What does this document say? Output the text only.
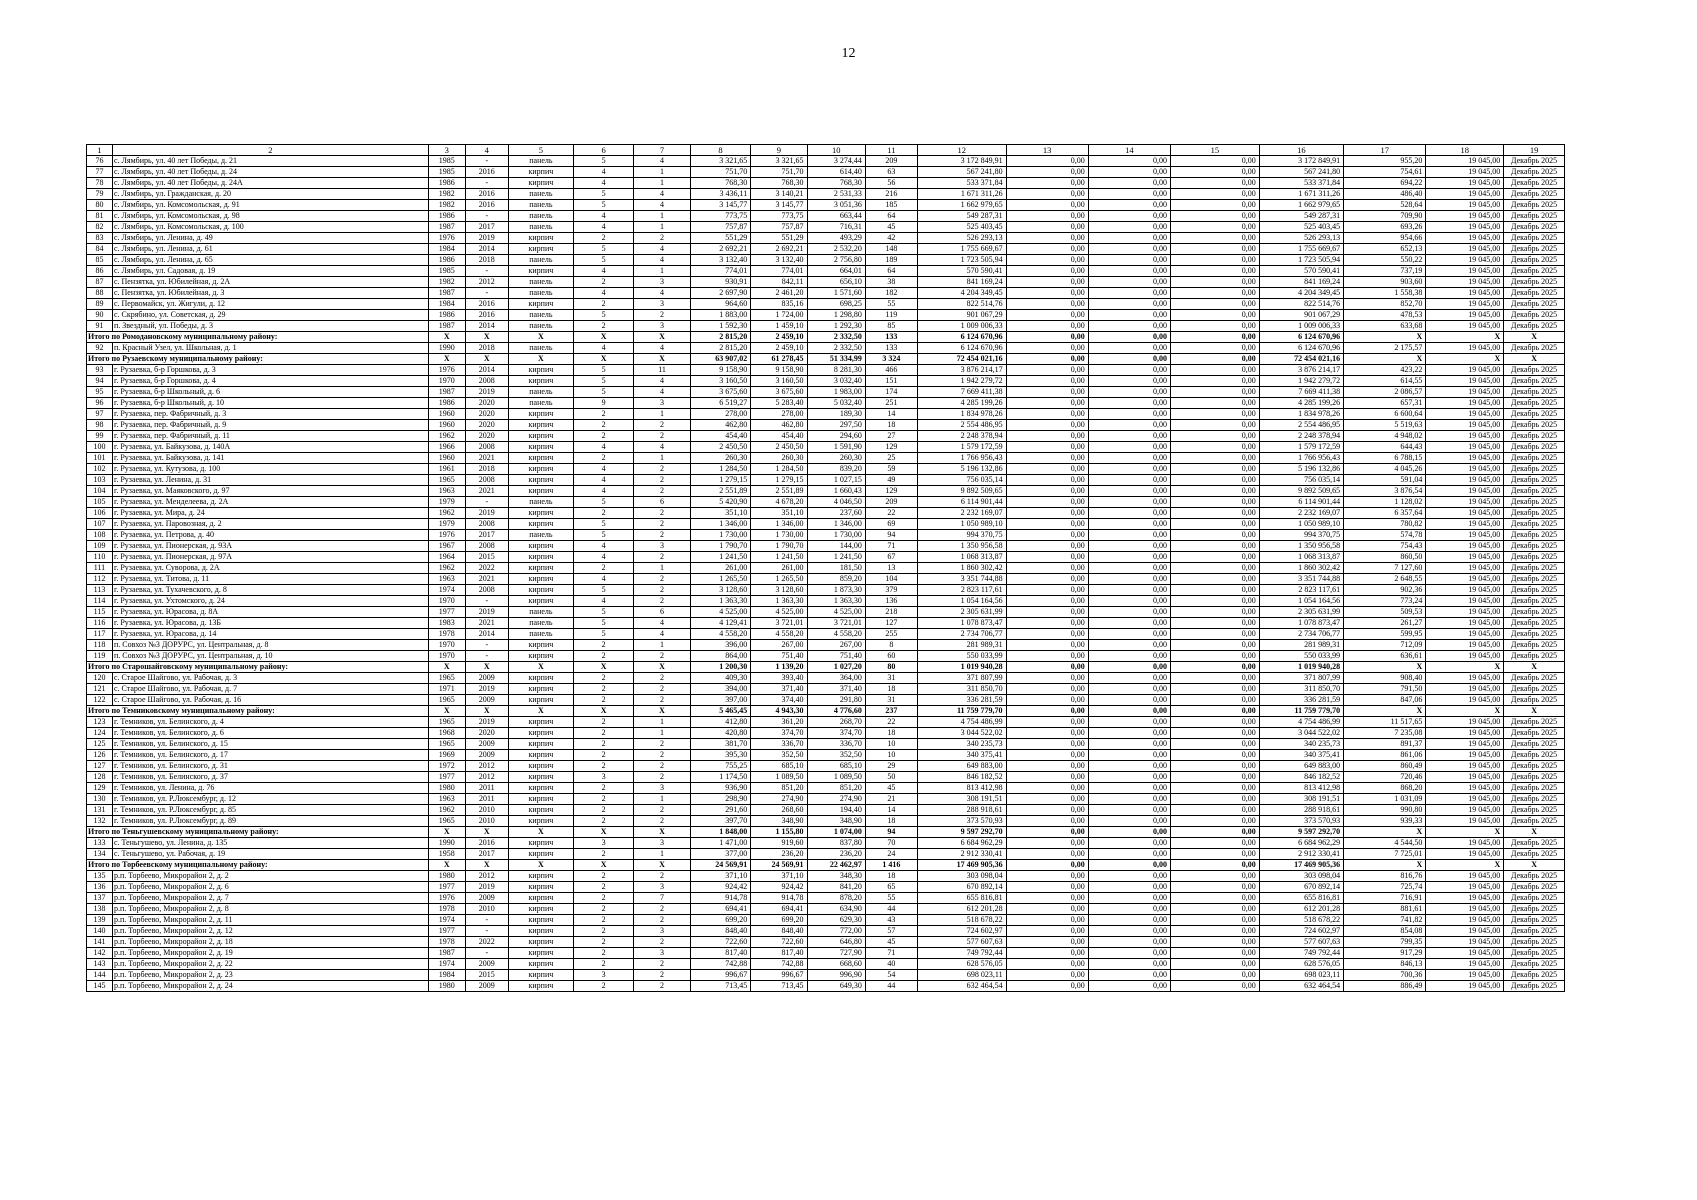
12
1	2	3	4	5	6	7	8	9	10	11	12	13	14	15	16	17	18	19
76	с. Лямбирь, ул. 40 лет Победы, д. 21	1985	-	панель	5	4	3 321,65	3 321,65	3 274,44	209	3 172 849,91	0,00	0,00	0,00	3 172 849,91	955,20	19 045,00	Декабрь 2025
77	с. Лямбирь, ул. 40 лет Победы, д. 24	1985	2016	кирпич	4	1	751,70	751,70	614,40	63	567 241,80	0,00	0,00	0,00	567 241,80	754,61	19 045,00	Декабрь 2025
78	с. Лямбирь, ул. 40 лет Победы, д. 24А	1986	-	кирпич	4	1	768,30	768,30	768,30	56	533 371,84	0,00	0,00	0,00	533 371,84	694,22	19 045,00	Декабрь 2025
79	с. Лямбирь, ул. Гражданская, д. 20	1982	2016	панель	5	4	3 436,11	3 140,21	2 531,33	216	1 671 311,26	0,00	0,00	0,00	1 671 311,26	486,40	19 045,00	Декабрь 2025
80	с. Лямбирь, ул. Комсомольская, д. 91	1982	2016	панель	5	4	3 145,77	3 145,77	3 051,36	185	1 662 979,65	0,00	0,00	0,00	1 662 979,65	528,64	19 045,00	Декабрь 2025
81	с. Лямбирь, ул. Комсомольская, д. 98	1986	-	панель	4	1	773,75	773,75	663,44	64	549 287,31	0,00	0,00	0,00	549 287,31	709,90	19 045,00	Декабрь 2025
82	с. Лямбирь, ул. Комсомольская, д. 100	1987	2017	панель	4	1	757,87	757,87	716,31	45	525 403,45	0,00	0,00	0,00	525 403,45	693,26	19 045,00	Декабрь 2025
83	с. Лямбирь, ул. Ленина, д. 49	1976	2019	кирпич	2	2	551,29	551,29	493,29	42	526 293,13	0,00	0,00	0,00	526 293,13	954,66	19 045,00	Декабрь 2025
84	с. Лямбирь, ул. Ленина, д. 61	1984	2014	кирпич	5	4	2 692,21	2 692,21	2 532,20	148	1 755 669,67	0,00	0,00	0,00	1 755 669,67	652,13	19 045,00	Декабрь 2025
85	с. Лямбирь, ул. Ленина, д. 65	1986	2018	панель	5	4	3 132,40	3 132,40	2 756,80	189	1 723 505,94	0,00	0,00	0,00	1 723 505,94	550,22	19 045,00	Декабрь 2025
86	с. Лямбирь, ул. Садовая, д. 19	1985	-	кирпич	4	1	774,01	774,01	664,01	64	570 590,41	0,00	0,00	0,00	570 590,41	737,19	19 045,00	Декабрь 2025
87	с. Пензятка, ул. Юбилейная, д. 2А	1982	2012	панель	2	3	930,91	842,11	656,10	38	841 169,24	0,00	0,00	0,00	841 169,24	903,60	19 045,00	Декабрь 2025
88	с. Пензятка, ул. Юбилейная, д. 3	1987	-	панель	4	4	2 697,90	2 461,20	1 571,60	182	4 204 349,45	0,00	0,00	0,00	4 204 349,45	1 558,38	19 045,00	Декабрь 2025
89	с. Первомайск, ул. Жигули, д. 12	1984	2016	кирпич	2	3	964,60	835,16	698,25	55	822 514,76	0,00	0,00	0,00	822 514,76	852,70	19 045,00	Декабрь 2025
90	с. Скрябино, ул. Советская, д. 29	1986	2016	панель	5	2	1 883,00	1 724,00	1 298,80	119	901 067,29	0,00	0,00	0,00	901 067,29	478,53	19 045,00	Декабрь 2025
91	п. Звездный, ул. Победы, д. 3	1987	2014	панель	2	3	1 592,30	1 459,10	1 292,30	85	1 009 006,33	0,00	0,00	0,00	1 009 006,33	633,68	19 045,00	Декабрь 2025
Итого по Ромодановскому муниципальному району:		X	X	X	X	X	2 815,20	2 459,10	2 332,50	133	6 124 670,96	0,00	0,00	0,00	6 124 670,96	X	X	X
92	п. Красный Узел, ул. Школьная, д. 1	1990	2018	панель	4	4	2 815,20	2 459,10	2 332,50	133	6 124 670,96	0,00	0,00	0,00	6 124 670,96	2 175,57	19 045,00	Декабрь 2025
Итого по Рузаевскому муниципальному району:		X	X	X	X	X	63 907,02	61 278,45	51 334,99	3 324	72 454 021,16	0,00	0,00	0,00	72 454 021,16	X	X	X
93	г. Рузаевка, б-р Горшкова, д. 3	1976	2014	кирпич	5	11	9 158,90	9 158,90	8 281,30	466	3 876 214,17	0,00	0,00	0,00	3 876 214,17	423,22	19 045,00	Декабрь 2025
94	г. Рузаевка, б-р Горшкова, д. 4	1970	2008	кирпич	5	4	3 160,50	3 160,50	3 032,40	151	1 942 279,72	0,00	0,00	0,00	1 942 279,72	614,55	19 045,00	Декабрь 2025
95	г. Рузаевка, б-р Школьный, д. 6	1987	2019	панель	5	4	3 675,60	3 675,60	1 983,00	174	7 669 411,38	0,00	0,00	0,00	7 669 411,38	2 086,57	19 045,00	Декабрь 2025
96	г. Рузаевка, б-р Школьный, д. 10	1986	2020	панель	9	3	6 519,27	5 283,40	5 032,40	251	4 285 199,26	0,00	0,00	0,00	4 285 199,26	657,31	19 045,00	Декабрь 2025
97	г. Рузаевка, пер. Фабричный, д. 3	1960	2020	кирпич	2	1	278,00	278,00	189,30	14	1 834 978,26	0,00	0,00	0,00	1 834 978,26	6 600,64	19 045,00	Декабрь 2025
98	г. Рузаевка, пер. Фабричный, д. 9	1960	2020	кирпич	2	2	462,80	462,80	297,50	18	2 554 486,95	0,00	0,00	0,00	2 554 486,95	5 519,63	19 045,00	Декабрь 2025
99	г. Рузаевка, пер. Фабричный, д. 11	1962	2020	кирпич	2	2	454,40	454,40	294,60	27	2 248 378,94	0,00	0,00	0,00	2 248 378,94	4 948,02	19 045,00	Декабрь 2025
100	г. Рузаевка, ул. Байкузова, д. 140А	1966	2008	кирпич	4	4	2 450,50	2 450,50	1 591,90	129	1 579 172,59	0,00	0,00	0,00	1 579 172,59	644,43	19 045,00	Декабрь 2025
101	г. Рузаевка, ул. Байкузова, д. 141	1960	2021	кирпич	2	1	260,30	260,30	260,30	25	1 766 956,43	0,00	0,00	0,00	1 766 956,43	6 788,15	19 045,00	Декабрь 2025
102	г. Рузаевка, ул. Кутузова, д. 100	1961	2018	кирпич	4	2	1 284,50	1 284,50	839,20	59	5 196 132,86	0,00	0,00	0,00	5 196 132,86	4 045,26	19 045,00	Декабрь 2025
103	г. Рузаевка, ул. Ленина, д. 31	1965	2008	кирпич	4	2	1 279,15	1 279,15	1 027,15	49	756 035,14	0,00	0,00	0,00	756 035,14	591,04	19 045,00	Декабрь 2025
104	г. Рузаевка, ул. Маяковского, д. 97	1963	2021	кирпич	4	2	2 551,89	2 551,89	1 660,43	129	9 892 509,65	0,00	0,00	0,00	9 892 509,65	3 876,54	19 045,00	Декабрь 2025
105	г. Рузаевка, ул. Менделеева, д. 2А	1979	-	панель	5	6	5 420,90	4 678,20	4 046,50	209	6 114 901,44	0,00	0,00	0,00	6 114 901,44	1 128,02	19 045,00	Декабрь 2025
106	г. Рузаевка, ул. Мира, д. 24	1962	2019	кирпич	2	2	351,10	351,10	237,60	22	2 232 169,07	0,00	0,00	0,00	2 232 169,07	6 357,64	19 045,00	Декабрь 2025
107	г. Рузаевка, ул. Паровозная, д. 2	1979	2008	кирпич	5	2	1 346,00	1 346,00	1 346,00	69	1 050 989,10	0,00	0,00	0,00	1 050 989,10	780,82	19 045,00	Декабрь 2025
108	г. Рузаевка, ул. Петрова, д. 40	1976	2017	панель	5	2	1 730,00	1 730,00	1 730,00	94	994 370,75	0,00	0,00	0,00	994 370,75	574,78	19 045,00	Декабрь 2025
109	г. Рузаевка, ул. Пионерская, д. 93А	1967	2008	кирпич	4	3	1 790,70	1 790,70	144,00	71	1 350 956,58	0,00	0,00	0,00	1 350 956,58	754,43	19 045,00	Декабрь 2025
110	г. Рузаевка, ул. Пионерская, д. 97А	1964	2015	кирпич	4	2	1 241,50	1 241,50	1 241,50	67	1 068 313,87	0,00	0,00	0,00	1 068 313,87	860,50	19 045,00	Декабрь 2025
111	г. Рузаевка, ул. Суворова, д. 2А	1962	2022	кирпич	2	1	261,00	261,00	181,50	13	1 860 302,42	0,00	0,00	0,00	1 860 302,42	7 127,60	19 045,00	Декабрь 2025
112	г. Рузаевка, ул. Титова, д. 11	1963	2021	кирпич	4	2	1 265,50	1 265,50	859,20	104	3 351 744,88	0,00	0,00	0,00	3 351 744,88	2 648,55	19 045,00	Декабрь 2025
113	г. Рузаевка, ул. Тухачевского, д. 8	1974	2008	кирпич	5	2	3 128,60	3 128,60	1 873,30	379	2 823 117,61	0,00	0,00	0,00	2 823 117,61	902,36	19 045,00	Декабрь 2025
114	г. Рузаевка, ул. Ухтомского, д. 24	1970	-	кирпич	4	2	1 363,30	1 363,30	1 363,30	136	1 054 164,56	0,00	0,00	0,00	1 054 164,56	773,24	19 045,00	Декабрь 2025
115	г. Рузаевка, ул. Юрасова, д. 8А	1977	2019	панель	5	6	4 525,00	4 525,00	4 525,00	218	2 305 631,99	0,00	0,00	0,00	2 305 631,99	509,53	19 045,00	Декабрь 2025
116	г. Рузаевка, ул. Юрасова, д. 13Б	1983	2021	панель	5	4	4 129,41	3 721,01	3 721,01	127	1 078 873,47	0,00	0,00	0,00	1 078 873,47	261,27	19 045,00	Декабрь 2025
117	г. Рузаевка, ул. Юрасова, д. 14	1978	2014	панель	5	4	4 558,20	4 558,20	4 558,20	255	2 734 706,77	0,00	0,00	0,00	2 734 706,77	599,95	19 045,00	Декабрь 2025
118	п. Совхоз №3 ДОРУРС, ул. Центральная, д. 8	1970	-	кирпич	2	1	396,00	267,00	267,00	8	281 989,31	0,00	0,00	0,00	281 989,31	712,09	19 045,00	Декабрь 2025
119	п. Совхоз №3 ДОРУРС, ул. Центральная, д. 10	1970	-	кирпич	2	2	864,00	751,40	751,40	60	550 033,99	0,00	0,00	0,00	550 033,99	636,61	19 045,00	Декабрь 2025
Итого по Старошайговскому муниципальному району:		X	X	X	X	X	1 200,30	1 139,20	1 027,20	80	1 019 940,28	0,00	0,00	0,00	1 019 940,28	X	X	X
120	с. Старое Шайгово, ул. Рабочая, д. 3	1965	2009	кирпич	2	2	409,30	393,40	364,00	31	371 807,99	0,00	0,00	0,00	371 807,99	908,40	19 045,00	Декабрь 2025
121	с. Старое Шайгово, ул. Рабочая, д. 7	1971	2019	кирпич	2	2	394,00	371,40	371,40	18	311 850,70	0,00	0,00	0,00	311 850,70	791,50	19 045,00	Декабрь 2025
122	с. Старое Шайгово, ул. Рабочая, д. 16	1965	2009	кирпич	2	2	397,00	374,40	291,80	31	336 281,59	0,00	0,00	0,00	336 281,59	847,06	19 045,00	Декабрь 2025
Итого по Темниковскому муниципальному району:		X	X	X	X	X	5 465,45	4 943,30	4 776,60	237	11 759 779,70	0,00	0,00	0,00	11 759 779,70	X	X	X
123	г. Темников, ул. Белинского, д. 4	1965	2019	кирпич	2	1	412,80	361,20	268,70	22	4 754 486,99	0,00	0,00	0,00	4 754 486,99	11 517,65	19 045,00	Декабрь 2025
124	г. Темников, ул. Белинского, д. 6	1968	2020	кирпич	2	1	420,80	374,70	374,70	18	3 044 522,02	0,00	0,00	0,00	3 044 522,02	7 235,08	19 045,00	Декабрь 2025
125	г. Темников, ул. Белинского, д. 15	1965	2009	кирпич	2	2	381,70	336,70	336,70	10	340 235,73	0,00	0,00	0,00	340 235,73	891,37	19 045,00	Декабрь 2025
126	г. Темников, ул. Белинского, д. 17	1969	2009	кирпич	2	2	395,30	352,50	352,50	10	340 375,41	0,00	0,00	0,00	340 375,41	861,06	19 045,00	Декабрь 2025
127	г. Темников, ул. Белинского, д. 31	1972	2012	кирпич	2	2	755,25	685,10	685,10	29	649 883,00	0,00	0,00	0,00	649 883,00	860,49	19 045,00	Декабрь 2025
128	г. Темников, ул. Белинского, д. 37	1977	2012	кирпич	3	2	1 174,50	1 089,50	1 089,50	50	846 182,52	0,00	0,00	0,00	846 182,52	720,46	19 045,00	Декабрь 2025
129	г. Темников, ул. Ленина, д. 76	1980	2011	кирпич	2	3	936,90	851,20	851,20	45	813 412,98	0,00	0,00	0,00	813 412,98	868,20	19 045,00	Декабрь 2025
130	г. Темников, ул. Р.Люксембург, д. 12	1963	2011	кирпич	2	1	298,90	274,90	274,90	21	308 191,51	0,00	0,00	0,00	308 191,51	1 031,09	19 045,00	Декабрь 2025
131	г. Темников, ул. Р.Люксембург, д. 85	1962	2010	кирпич	2	2	291,60	268,60	194,40	14	288 918,61	0,00	0,00	0,00	288 918,61	990,80	19 045,00	Декабрь 2025
132	г. Темников, ул. Р.Люксембург, д. 89	1965	2010	кирпич	2	2	397,70	348,90	348,90	18	373 570,93	0,00	0,00	0,00	373 570,93	939,33	19 045,00	Декабрь 2025
Итого по Теньгушевскому муниципальному району:		X	X	X	X	X	1 848,00	1 155,80	1 074,00	94	9 597 292,70	0,00	0,00	0,00	9 597 292,70	X	X	X
133	с. Теньгушево, ул. Ленина, д. 135	1990	2016	кирпич	3	3	1 471,00	919,60	837,80	70	6 684 962,29	0,00	0,00	0,00	6 684 962,29	4 544,50	19 045,00	Декабрь 2025
134	с. Теньгушево, ул. Рабочая, д. 19	1958	2017	кирпич	2	1	377,00	236,20	236,20	24	2 912 330,41	0,00	0,00	0,00	2 912 330,41	7 725,01	19 045,00	Декабрь 2025
Итого по Торбеевскому муниципальному району:		X	X	X	X	X	24 569,91	24 569,91	22 462,97	1 416	17 469 905,36	0,00	0,00	0,00	17 469 905,36	X	X	X
135	р.п. Торбеево, Микрорайон 2, д. 2	1980	2012	кирпич	2	2	371,10	371,10	348,30	18	303 098,04	0,00	0,00	0,00	303 098,04	816,76	19 045,00	Декабрь 2025
136	р.п. Торбеево, Микрорайон 2, д. 6	1977	2019	кирпич	2	3	924,42	924,42	841,20	65	670 892,14	0,00	0,00	0,00	670 892,14	725,74	19 045,00	Декабрь 2025
137	р.п. Торбеево, Микрорайон 2, д. 7	1976	2009	кирпич	2	7	914,78	914,78	878,20	55	655 816,81	0,00	0,00	0,00	655 816,81	716,91	19 045,00	Декабрь 2025
138	р.п. Торбеево, Микрорайон 2, д. 8	1978	2010	кирпич	2	2	694,41	694,41	634,90	44	612 201,28	0,00	0,00	0,00	612 201,28	881,61	19 045,00	Декабрь 2025
139	р.п. Торбеево, Микрорайон 2, д. 11	1974	-	кирпич	2	2	699,20	699,20	629,30	43	518 678,22	0,00	0,00	0,00	518 678,22	741,82	19 045,00	Декабрь 2025
140	р.п. Торбеево, Микрорайон 2, д. 12	1977	-	кирпич	2	3	848,40	848,40	772,00	57	724 602,97	0,00	0,00	0,00	724 602,97	854,08	19 045,00	Декабрь 2025
141	р.п. Торбеево, Микрорайон 2, д. 18	1978	2022	кирпич	2	2	722,60	722,60	646,80	45	577 607,63	0,00	0,00	0,00	577 607,63	799,35	19 045,00	Декабрь 2025
142	р.п. Торбеево, Микрорайон 2, д. 19	1987	-	кирпич	2	3	817,40	817,40	727,90	71	749 792,44	0,00	0,00	0,00	749 792,44	917,29	19 045,00	Декабрь 2025
143	р.п. Торбеево, Микрорайон 2, д. 22	1974	2009	кирпич	2	2	742,88	742,88	668,60	40	628 576,05	0,00	0,00	0,00	628 576,05	846,13	19 045,00	Декабрь 2025
144	р.п. Торбеево, Микрорайон 2, д. 23	1984	2015	кирпич	3	2	996,67	996,67	996,90	54	698 023,11	0,00	0,00	0,00	698 023,11	700,36	19 045,00	Декабрь 2025
145	р.п. Торбеево, Микрорайон 2, д. 24	1980	2009	кирпич	2	2	713,45	713,45	649,30	44	632 464,54	0,00	0,00	0,00	632 464,54	886,49	19 045,00	Декабрь 2025
